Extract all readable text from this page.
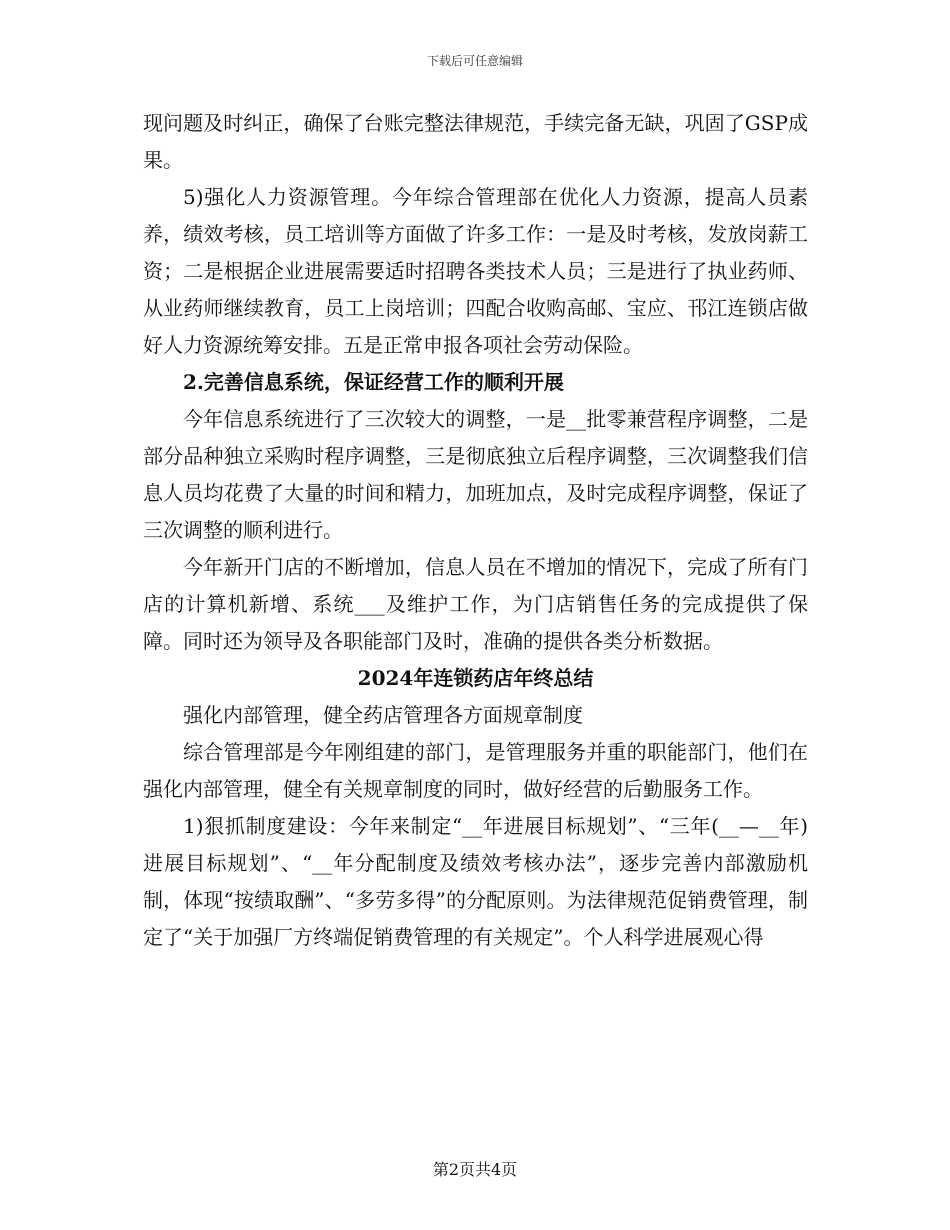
下载后可任意编辑

现问题及时纠正，确保了台账完整法律规范，手续完备无缺，巩固了GSP成果。

5)强化人力资源管理。今年综合管理部在优化人力资源，提高人员素养，绩效考核，员工培训等方面做了许多工作：一是及时考核，发放岗薪工资；二是根据企业进展需要适时招聘各类技术人员；三是进行了执业药师、从业药师继续教育，员工上岗培训；四配合收购高邮、宝应、邗江连锁店做好人力资源统筹安排。五是正常申报各项社会劳动保险。

2.完善信息系统，保证经营工作的顺利开展

今年信息系统进行了三次较大的调整，一是__批零兼营程序调整，二是部分品种独立采购时程序调整，三是彻底独立后程序调整，三次调整我们信息人员均花费了大量的时间和精力，加班加点，及时完成程序调整，保证了三次调整的顺利进行。

今年新开门店的不断增加，信息人员在不增加的情况下，完成了所有门店的计算机新增、系统___及维护工作，为门店销售任务的完成提供了保障。同时还为领导及各职能部门及时，准确的提供各类分析数据。

2024年连锁药店年终总结

强化内部管理，健全药店管理各方面规章制度

综合管理部是今年刚组建的部门，是管理服务并重的职能部门，他们在强化内部管理，健全有关规章制度的同时，做好经营的后勤服务工作。

1)狠抓制度建设：今年来制定“__年进展目标规划”、“三年(__—__年)进展目标规划”、“__年分配制度及绩效考核办法”，逐步完善内部激励机制，体现“按绩取酬”、“多劳多得”的分配原则。为法律规范促销费管理，制定了“关于加强厂方终端促销费管理的有关规定”。个人科学进展观心得

第2页共4页
